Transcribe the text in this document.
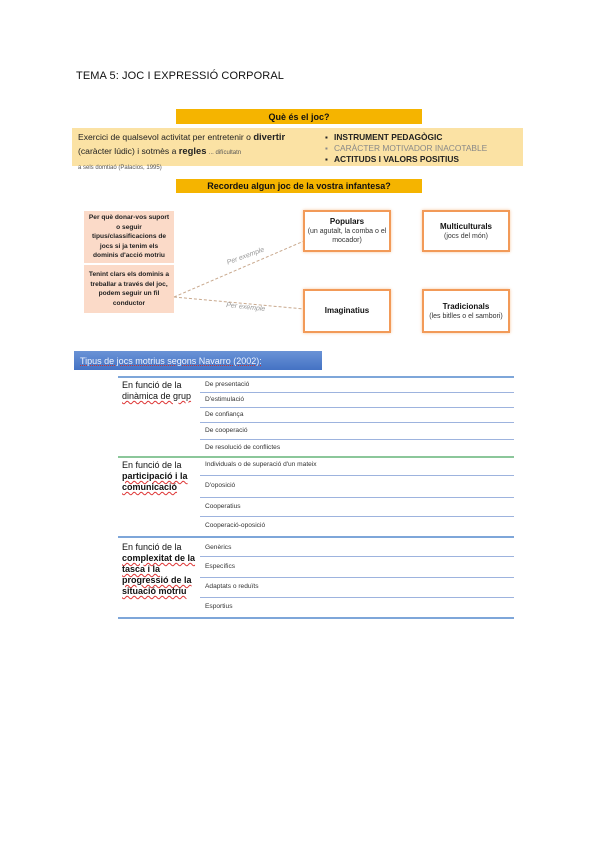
TEMA 5: JOC I EXPRESSIÓ CORPORAL
Què és el joc?
Exercici de qualsevol activitat per entretenir o divertir (caràcter lúdic) i sotmès a regles ... difícultatn
a sels domtiaó (Palacios, 1995)
▪ INSTRUMENT PEDAGÒGIC
▪ CARÀCTER MOTIVADOR INACOTABLE
▪ ACTITUDS I VALORS POSITIUS
Recordeu algun joc de la vostra infantesa?
Per què donar-vos suport o seguir tipus/classificacions de jocs si ja tenim els dominis d'acció motriu
Tenint clars els dominis a treballar a través del joc, podem seguir un fil conductor
Per exemple
Per exemple
Populars
(un agutalt, la comba o el mocador)
Multiculturals
(jocs del món)
Imaginatius	Tradicionals
(les bitlles o el sambori)
Tipus de jocs motrius segons Navarro (2002):
En funció de la dinàmica de grup
De presentació
D'estimulació
De confiança
De cooperació
De resolució de conflictes
En funció de la participació i la comunicació
Individuals o de superació d'un mateix
D'oposició
Cooperatius
Cooperació-oposició
En funció de la complexitat de la tasca i la progressió de la situació motriu
Genèrics
Específics
Adaptats o reduïts
Esportius
